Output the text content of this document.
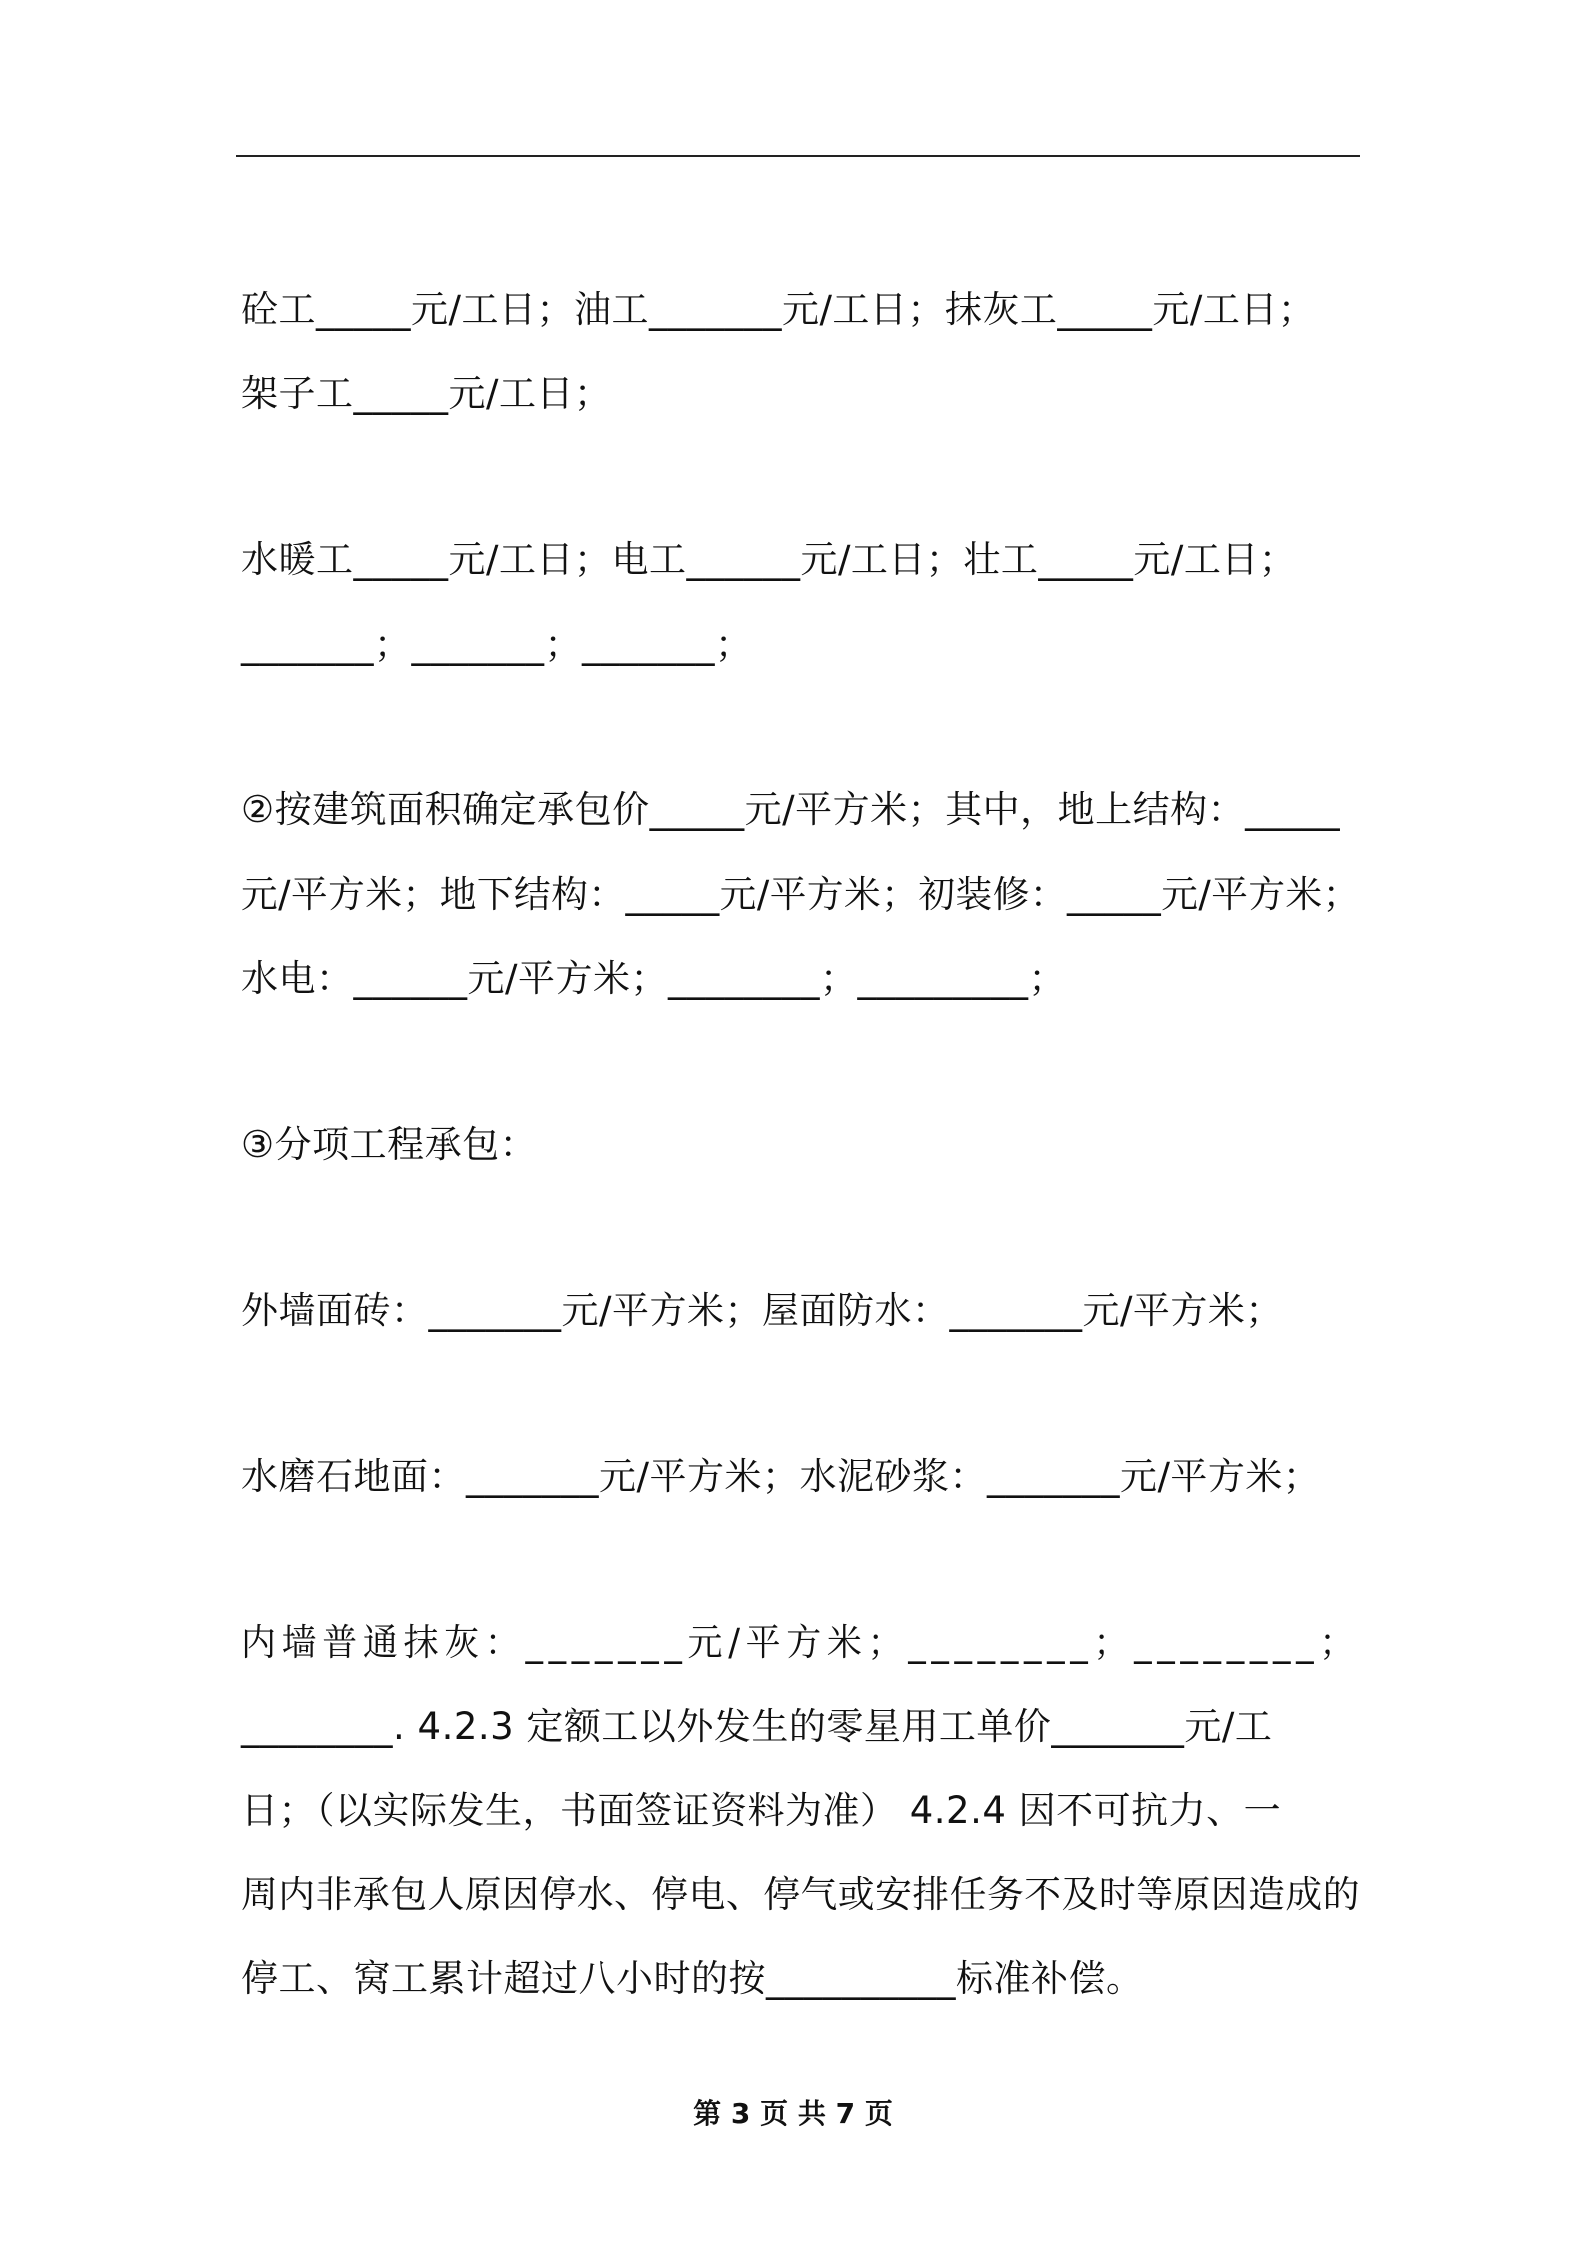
砼工_____元/工日；油工_______元/工日；抹灰工_____元/工日；
架子工_____元/工日；
水暖工_____元/工日；电工______元/工日；壮工_____元/工日；
_______；_______；_______；
②按建筑面积确定承包价_____元/平方米；其中，地上结构：_____
元/平方米；地下结构：_____元/平方米；初装修：_____元/平方米；
水电：______元/平方米；________；_________；
③分项工程承包：
外墙面砖：_______元/平方米；屋面防水：_______元/平方米；
水磨石地面：_______元/平方米；水泥砂浆：_______元/平方米；
内墙普通抹灰：_______元/平方米；________；________；
________. 4.2.3 定额工以外发生的零星用工单价_______元/工
日；（以实际发生，书面签证资料为准） 4.2.4 因不可抗力、一
周内非承包人原因停水、停电、停气或安排任务不及时等原因造成的
停工、窝工累计超过八小时的按__________标准补偿。
第 3 页 共 7 页
